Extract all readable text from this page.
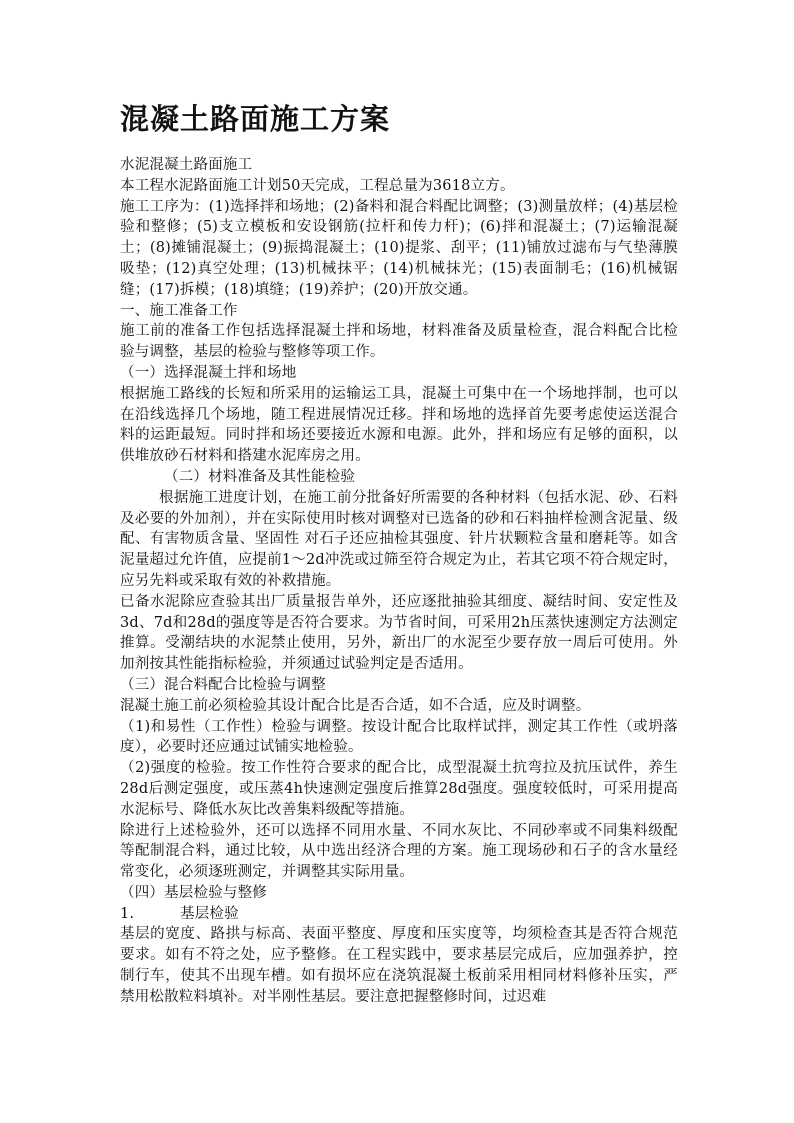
混凝土路面施工方案

水泥混凝土路面施工

本工程水泥路面施工计划50天完成，工程总量为3618立方。

施工工序为：(1)选择拌和场地；(2)备料和混合料配比调整；(3)测量放样；(4)基层检验和整修；(5)支立模板和安设钢筋(拉杆和传力杆)；(6)拌和混凝土；(7)运输混凝土；(8)摊铺混凝土；(9)振捣混凝土；(10)提浆、刮平；(11)铺放过滤布与气垫薄膜吸垫；(12)真空处理；(13)机械抹平；(14)机械抹光；(15)表面制毛；(16)机械锯缝；(17)拆模；(18)填缝；(19)养护；(20)开放交通。

一、施工准备工作

施工前的准备工作包括选择混凝土拌和场地，材料准备及质量检查，混合料配合比检验与调整，基层的检验与整修等项工作。

（一）选择混凝土拌和场地

根据施工路线的长短和所采用的运输运工具，混凝土可集中在一个场地拌制，也可以在沿线选择几个场地，随工程进展情况迁移。拌和场地的选择首先要考虑使运送混合料的运距最短。同时拌和场还要接近水源和电源。此外，拌和场应有足够的面积，以供堆放砂石材料和搭建水泥库房之用。

（二）材料准备及其性能检验

根据施工进度计划，在施工前分批备好所需要的各种材料（包括水泥、砂、石料及必要的外加剂），并在实际使用时核对调整对已选备的砂和石料抽样检测含泥量、级配、有害物质含量、坚固性 对石子还应抽检其强度、针片状颗粒含量和磨耗等。如含泥量超过允许值，应提前1～2d冲洗或过筛至符合规定为止，若其它项不符合规定时，应另先料或采取有效的补救措施。

已备水泥除应查验其出厂质量报告单外，还应逐批抽验其细度、凝结时间、安定性及3d、7d和28d的强度等是否符合要求。为节省时间，可采用2h压蒸快速测定方法测定推算。受潮结块的水泥禁止使用，另外，新出厂的水泥至少要存放一周后可使用。外加剂按其性能指标检验，并须通过试验判定是否适用。

（三）混合料配合比检验与调整

混凝土施工前必须检验其设计配合比是否合适，如不合适，应及时调整。

（1)和易性（工作性）检验与调整。按设计配合比取样试拌，测定其工作性（或坍落度），必要时还应通过试铺实地检验。

（2)强度的检验。按工作性符合要求的配合比，成型混凝土抗弯拉及抗压试件，养生28d后测定强度，或压蒸4h快速测定强度后推算28d强度。强度较低时，可采用提高水泥标号、降低水灰比改善集料级配等措施。

除进行上述检验外，还可以选择不同用水量、不同水灰比、不同砂率或不同集料级配等配制混合料，通过比较，从中选出经济合理的方案。施工现场砂和石子的含水量经常变化，必须逐班测定，并调整其实际用量。

（四）基层检验与整修

1.	基层检验

基层的宽度、路拱与标高、表面平整度、厚度和压实度等，均须检查其是否符合规范要求。如有不符之处，应予整修。在工程实践中，要求基层完成后，应加强养护，控制行车，使其不出现车槽。如有损坏应在浇筑混凝土板前采用相同材料修补压实，严禁用松散粒料填补。对半刚性基层。要注意把握整修时间，过迟难
